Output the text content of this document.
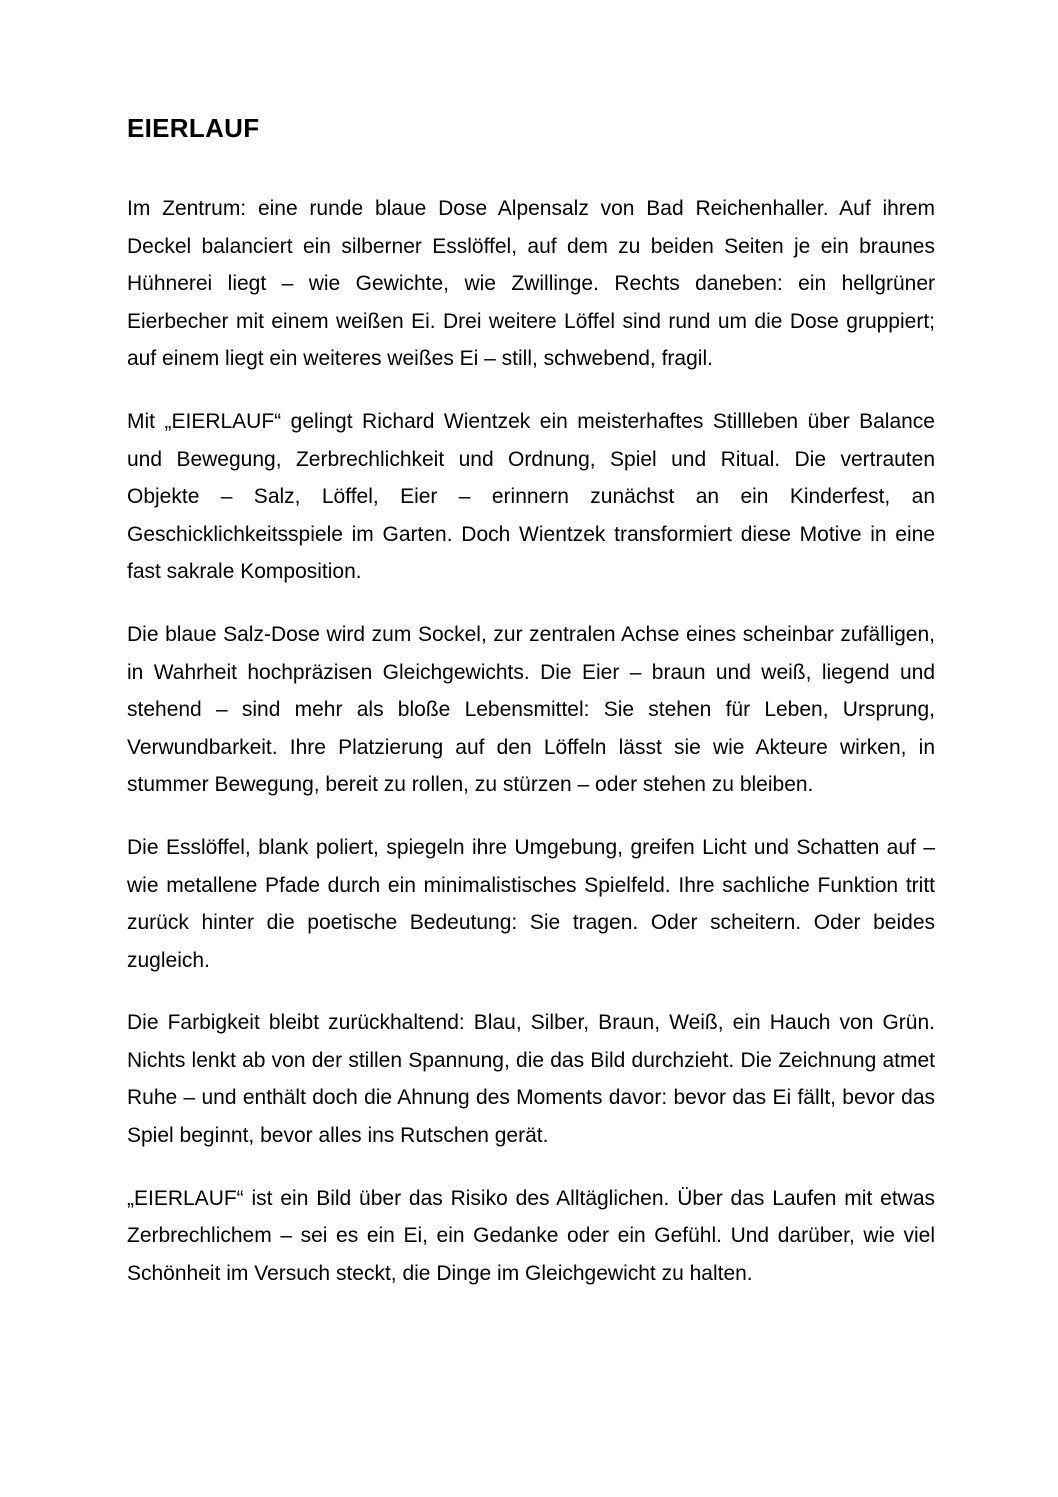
EIERLAUF

Im Zentrum: eine runde blaue Dose Alpensalz von Bad Reichenhaller. Auf ihrem Deckel balanciert ein silberner Esslöffel, auf dem zu beiden Seiten je ein braunes Hühnerei liegt – wie Gewichte, wie Zwillinge. Rechts daneben: ein hellgrüner Eierbecher mit einem weißen Ei. Drei weitere Löffel sind rund um die Dose gruppiert; auf einem liegt ein weiteres weißes Ei – still, schwebend, fragil.

Mit „EIERLAUF“ gelingt Richard Wientzek ein meisterhaftes Stillleben über Balance und Bewegung, Zerbrechlichkeit und Ordnung, Spiel und Ritual. Die vertrauten Objekte – Salz, Löffel, Eier – erinnern zunächst an ein Kinderfest, an Geschicklichkeitsspiele im Garten. Doch Wientzek transformiert diese Motive in eine fast sakrale Komposition.

Die blaue Salz-Dose wird zum Sockel, zur zentralen Achse eines scheinbar zufälligen, in Wahrheit hochpräzisen Gleichgewichts. Die Eier – braun und weiß, liegend und stehend – sind mehr als bloße Lebensmittel: Sie stehen für Leben, Ursprung, Verwundbarkeit. Ihre Platzierung auf den Löffeln lässt sie wie Akteure wirken, in stummer Bewegung, bereit zu rollen, zu stürzen – oder stehen zu bleiben.

Die Esslöffel, blank poliert, spiegeln ihre Umgebung, greifen Licht und Schatten auf – wie metallene Pfade durch ein minimalistisches Spielfeld. Ihre sachliche Funktion tritt zurück hinter die poetische Bedeutung: Sie tragen. Oder scheitern. Oder beides zugleich.

Die Farbigkeit bleibt zurückhaltend: Blau, Silber, Braun, Weiß, ein Hauch von Grün. Nichts lenkt ab von der stillen Spannung, die das Bild durchzieht. Die Zeichnung atmet Ruhe – und enthält doch die Ahnung des Moments davor: bevor das Ei fällt, bevor das Spiel beginnt, bevor alles ins Rutschen gerät.

„EIERLAUF“ ist ein Bild über das Risiko des Alltäglichen. Über das Laufen mit etwas Zerbrechlichem – sei es ein Ei, ein Gedanke oder ein Gefühl. Und darüber, wie viel Schönheit im Versuch steckt, die Dinge im Gleichgewicht zu halten.
